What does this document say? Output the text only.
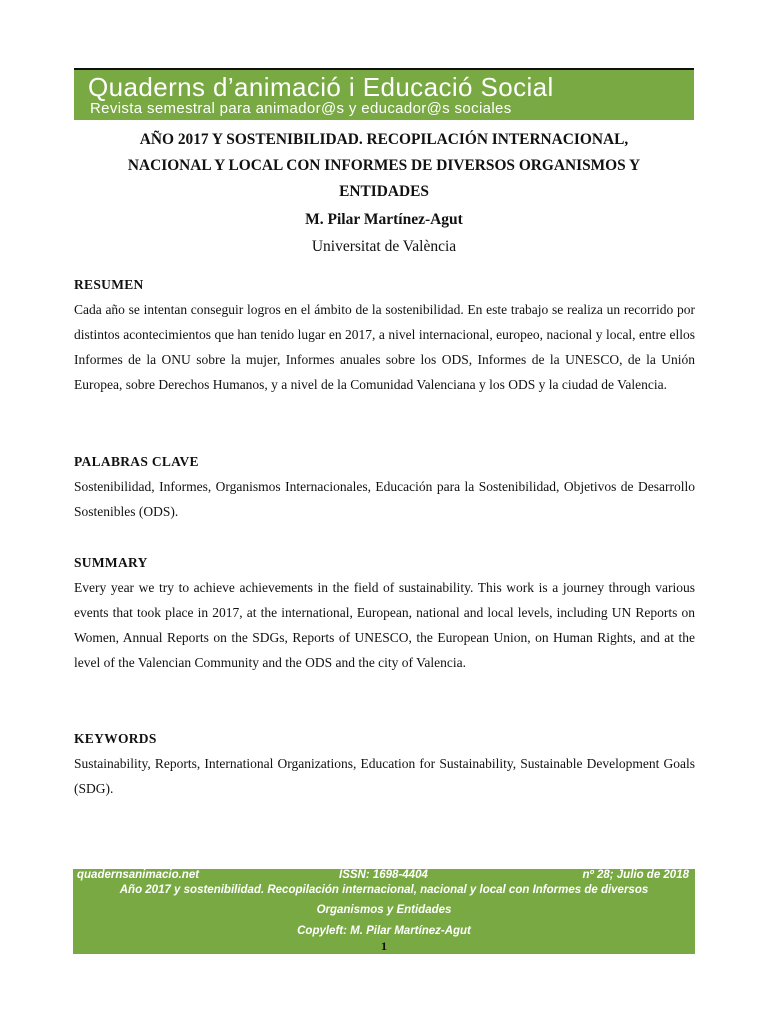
Quaderns d’animació i Educació Social
Revista semestral para animador@s y educador@s sociales
AÑO 2017 Y SOSTENIBILIDAD. RECOPILACIÓN INTERNACIONAL,
NACIONAL Y LOCAL CON INFORMES DE DIVERSOS ORGANISMOS Y
ENTIDADES
M. Pilar Martínez-Agut
Universitat de València
RESUMEN
Cada año se intentan conseguir logros en el ámbito de la sostenibilidad. En este trabajo se realiza un recorrido por distintos acontecimientos que han tenido lugar en 2017, a nivel internacional, europeo, nacional y local, entre ellos Informes de la ONU sobre la mujer, Informes anuales sobre los ODS, Informes de la UNESCO, de la Unión Europea, sobre Derechos Humanos, y a nivel de la Comunidad Valenciana y los ODS y la ciudad de Valencia.
PALABRAS CLAVE
Sostenibilidad, Informes, Organismos Internacionales, Educación para la Sostenibilidad, Objetivos de Desarrollo Sostenibles (ODS).
SUMMARY
Every year we try to achieve achievements in the field of sustainability. This work is a journey through various events that took place in 2017, at the international, European, national and local levels, including UN Reports on Women, Annual Reports on the SDGs, Reports of UNESCO, the European Union, on Human Rights, and at the level of the Valencian Community and the ODS and the city of Valencia.
KEYWORDS
Sustainability, Reports, International Organizations, Education for Sustainability, Sustainable Development Goals (SDG).
quadernsanimacio.net	ISSN: 1698-4404	nº 28; Julio de 2018
Año 2017 y sostenibilidad. Recopilación internacional, nacional y local con Informes de diversos
Organismos y Entidades
Copyleft: M. Pilar Martínez-Agut
1
